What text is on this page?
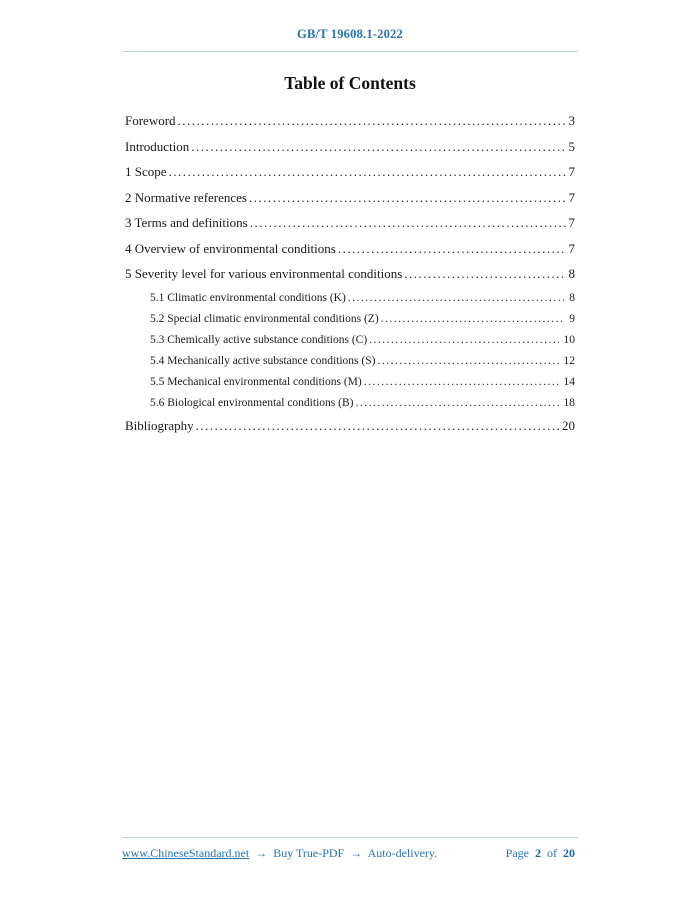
GB/T 19608.1-2022
Table of Contents
Foreword .....	3
Introduction .....	5
1 Scope .....	7
2 Normative references .....	7
3 Terms and definitions .....	7
4 Overview of environmental conditions .....	7
5 Severity level for various environmental conditions .....	8
5.1 Climatic environmental conditions (K) .....	8
5.2 Special climatic environmental conditions (Z) .....	9
5.3 Chemically active substance conditions (C) .....	10
5.4 Mechanically active substance conditions (S) .....	12
5.5 Mechanical environmental conditions (M) .....	14
5.6 Biological environmental conditions (B) .....	18
Bibliography .....	20
www.ChineseStandard.net → Buy True-PDF → Auto-delivery.	Page 2 of 20
